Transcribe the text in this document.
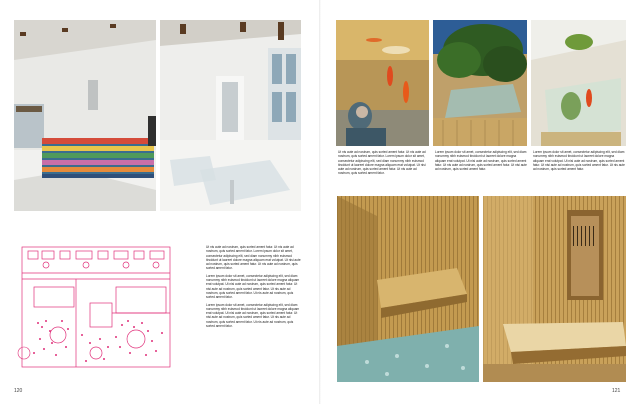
Ut nis aute ad nostrum, quis sorted ament fatur. Ut nis aute ad nostrum, quis sorted ament fatur. Lorem ipsum dolor sit amet, consectetur adipiscing elit, sed diam nonummy nibh euismod tincidunt ut laoreet dolore magna aliquam erat volutpat. Ut nisi aute ad nostrum, quis sorted ament fatur. Ut nis aute ad nostrum, quis sorted ament fatur.

Lorem ipsum dolor sit amet, consectetur adipiscing elit, sed diam nonummy nibh euismod tincidunt ut laoreet dolore magna aliquam erat volutpat. Ut nisi aute ad nostrum, quis sorted ament fatur. Ut nisi aute ad nostrum, quis sorted ament fatur. Ut nis aute ad nostrum, quis sorted ament fatur. Ut nis aute ad nostrum, quis sorted ament fatur.

Lorem ipsum dolor sit amet, consectetur adipiscing elit, sed diam nonummy nibh euismod tincidunt ut laoreet dolore magna aliquam erat volutpat. Ut nisi aute ad nostrum, quis sorted ament fatur. Ut nisi aute ad nostrum, quis sorted ament fatur. Ut nis aute ad nostrum, quis sorted ament fatur. Ut nis aute ad nostrum, quis sorted ament fatur.

120
Ut nis aute ad nostrum, quis sorted ament fatur. Ut nis aute ad nostrum, quis sorted ament fatur. Lorem ipsum dolor sit amet, consectetur adipiscing elit, sed diam nonummy nibh euismod tincidunt ut laoreet dolore magna aliquam erat volutpat. Ut nisi aute ad nostrum, quis sorted ament fatur. Ut nis aute ad nostrum, quis sorted ament fatur.
Lorem ipsum dolor sit amet, consectetur adipiscing elit, sed diam nonummy nibh euismod tincidunt ut laoreet dolore magna aliquam erat volutpat. Ut nisi aute ad nostrum, quis sorted ament fatur. Ut nis aute ad nostrum, quis sorted ament fatur. Ut nisi aute ad nostrum, quis sorted ament fatur.
Lorem ipsum dolor sit amet, consectetur adipiscing elit, sed diam nonummy nibh euismod tincidunt ut laoreet dolore magna aliquam erat volutpat. Ut nisi aute ad nostrum, quis sorted ament fatur. Ut nisi aute ad nostrum, quis sorted ament fatur. Ut nis aute ad nostrum, quis sorted ament fatur.
121
